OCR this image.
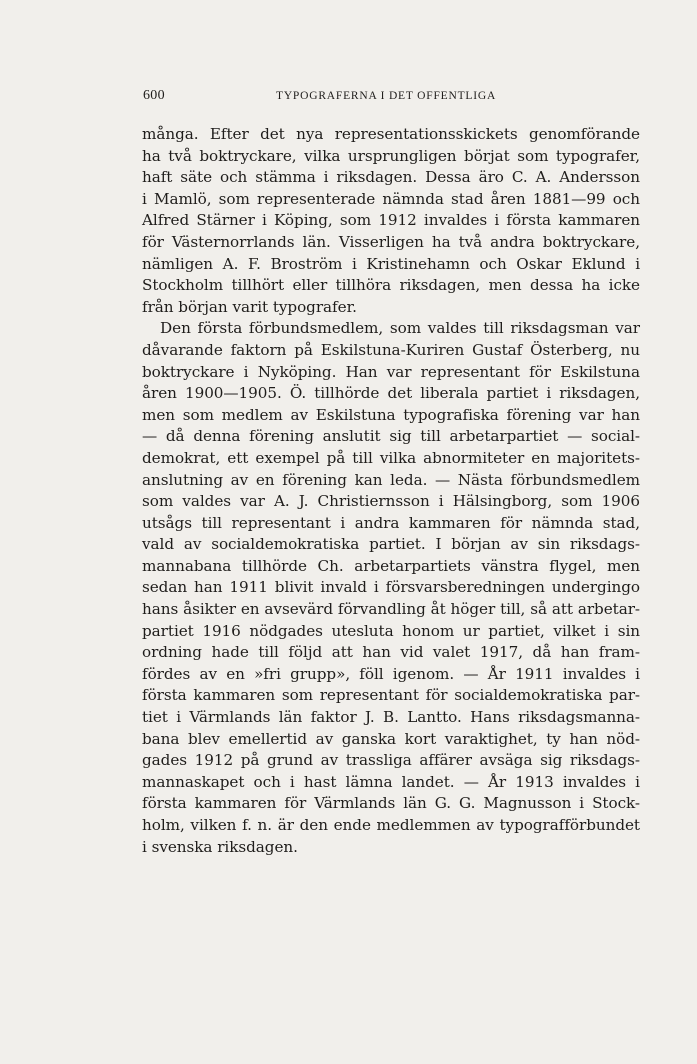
600	TYPOGRAFERNA I DET OFFENTLIGA
många. Efter det nya representationsskickets genomförande
ha två boktryckare, vilka ursprungligen börjat som typografer,
haft säte och stämma i riksdagen. Dessa äro C. A. Andersson
i Mamlö, som representerade nämnda stad åren 1881—99 och
Alfred Stärner i Köping, som 1912 invaldes i första kammaren
för Västernorrlands län. Visserligen ha två andra boktryckare,
nämligen A. F. Broström i Kristinehamn och Oskar Eklund i
Stockholm tillhört eller tillhöra riksdagen, men dessa ha icke
från början varit typografer.
Den första förbundsmedlem, som valdes till riksdagsman var
dåvarande faktorn på Eskilstuna-Kuriren Gustaf Österberg, nu
boktryckare i Nyköping. Han var representant för Eskilstuna
åren 1900—1905. Ö. tillhörde det liberala partiet i riksdagen,
men som medlem av Eskilstuna typografiska förening var han
— då denna förening anslutit sig till arbetarpartiet — social-
demokrat, ett exempel på till vilka abnormiteter en majoritets-
anslutning av en förening kan leda. — Nästa förbundsmedlem
som valdes var A. J. Christiernsson i Hälsingborg, som 1906
utsågs till representant i andra kammaren för nämnda stad,
vald av socialdemokratiska partiet. I början av sin riksdags-
mannabana tillhörde Ch. arbetarpartiets vänstra flygel, men
sedan han 1911 blivit invald i försvarsberedningen undergingo
hans åsikter en avsevärd förvandling åt höger till, så att arbetar-
partiet 1916 nödgades utesluta honom ur partiet, vilket i sin
ordning hade till följd att han vid valet 1917, då han fram-
fördes av en »fri grupp», föll igenom. — År 1911 invaldes i
första kammaren som representant för socialdemokratiska par-
tiet i Värmlands län faktor J. B. Lantto. Hans riksdagsmanna-
bana blev emellertid av ganska kort varaktighet, ty han nöd-
gades 1912 på grund av trassliga affärer avsäga sig riksdags-
mannaskapet och i hast lämna landet. — År 1913 invaldes i
första kammaren för Värmlands län G. G. Magnusson i Stock-
holm, vilken f. n. är den ende medlemmen av typografförbundet
i svenska riksdagen.
